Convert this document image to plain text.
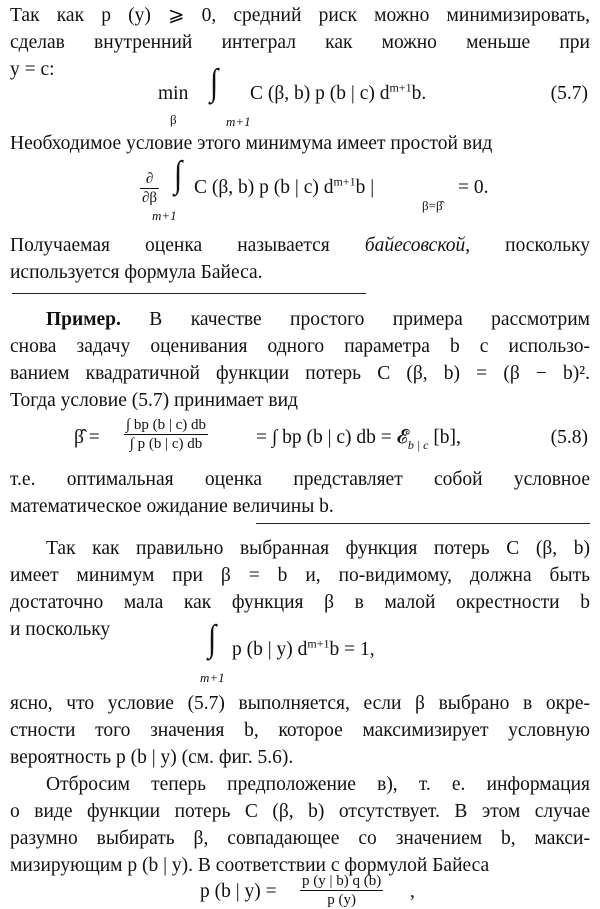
Так как p (y) ⩾ 0, средний риск можно минимизировать,
сделав внутренний интеграл как можно меньше при
y = c:
min
β
∫
m+1
C (β, b) p (b | c) $d^{m+1}b$.	(5.7)
Необходимое условие этого минимума имеет простой вид
$\frac{\partial}{\partial\beta}$ ∫
m+1
C (β, b) p (b | c) $d^{m+1}b$ |
β=β̂
= 0.
Получаемая оценка называется байесовской, поскольку
используется формула Байеса.
Пример. В качестве простого примера рассмотрим
снова задачу оценивания одного параметра b с использо-
ванием квадратичной функции потерь C (β, b) = (β − b)².
Тогда условие (5.7) принимает вид
β̂ = $\frac{\int bp (b | c) db}{\int p (b | c) db}$ = ∫ bp (b | c) db = 𝓔$_{b | c}$ [b],	(5.8)
т.е. оптимальная оценка представляет собой условное
математическое ожидание величины b.
Так как правильно выбранная функция потерь C (β, b)
имеет минимум при β = b и, по-видимому, должна быть
достаточно мала как функция β в малой окрестности b
и поскольку	∫
m+1
p (b | y) $d^{m+1}b = 1$,
ясно, что условие (5.7) выполняется, если β выбрано в окре-
стности того значения b, которое максимизирует условную
вероятность p (b | y) (см. фиг. 5.6).
Отбросим теперь предположение в), т. е. информация
о виде функции потерь C (β, b) отсутствует. В этом случае
разумно выбирать β, совпадающее со значением b, макси-
мизирующим p (b | y). В соответствии с формулой Байеса
p (b | $y) = \frac{p (y | b) q (b)}{p (y)}$ ,
